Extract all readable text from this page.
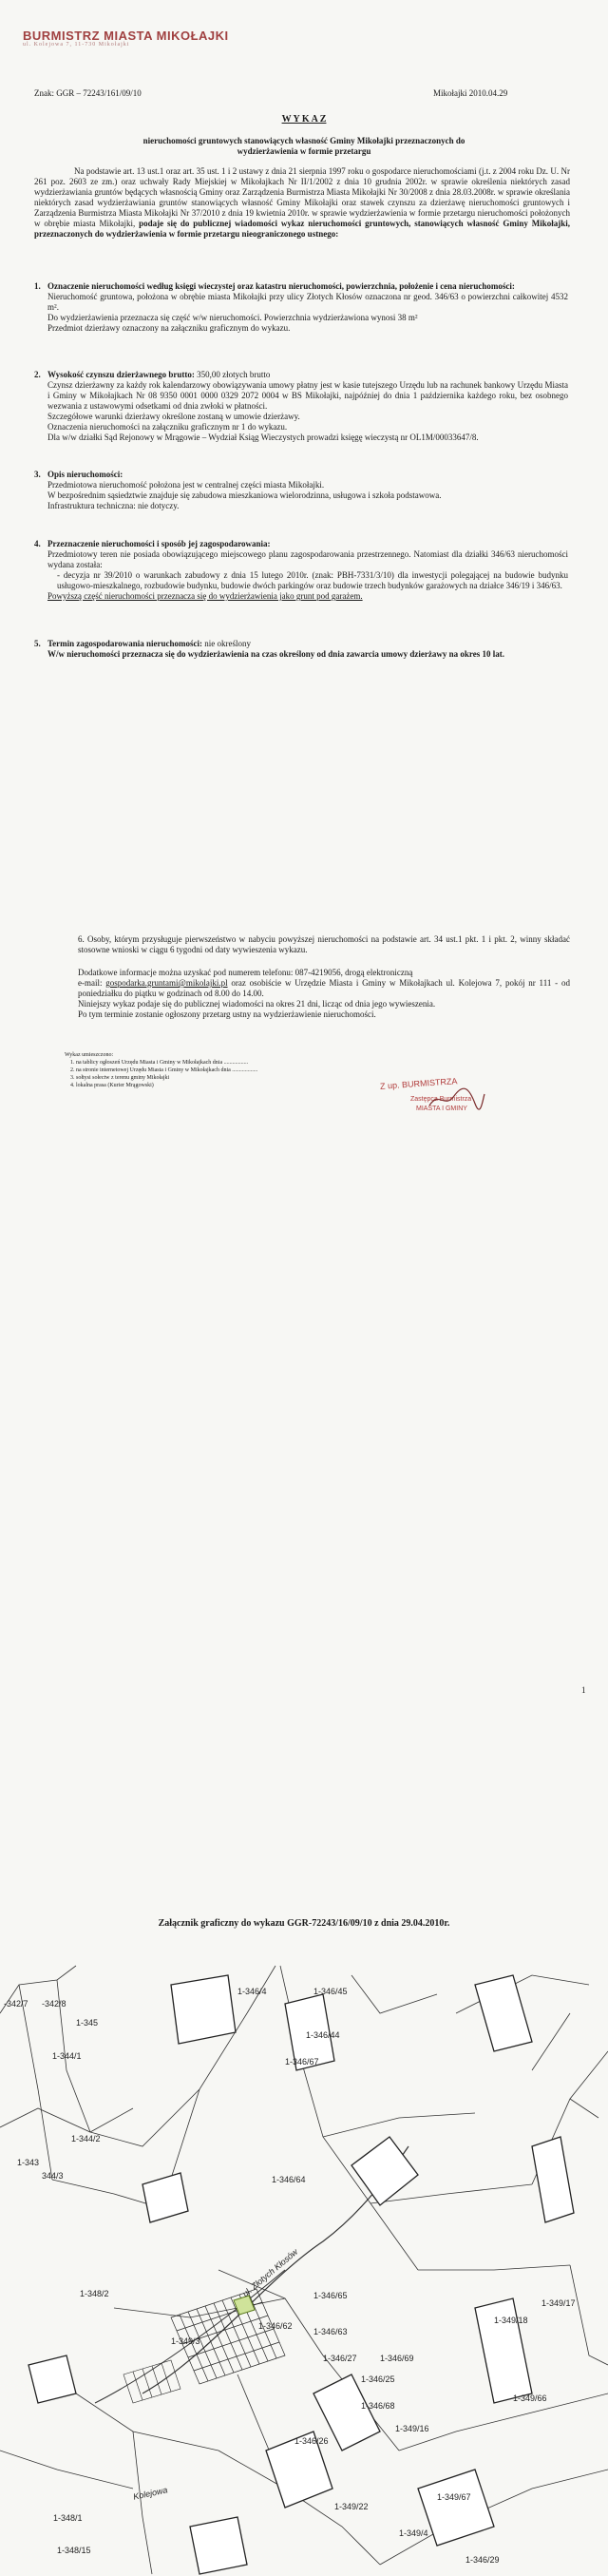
BURMISTRZ MIASTA MIKOŁAJKI
ul. Kolejowa 7, 11-730 Mikołajki
Znak: GGR – 72243/161/09/10	Mikołajki 2010.04.29
W Y K A Z
nieruchomości gruntowych stanowiących własność Gminy Mikołajki przeznaczonych do
wydzierżawienia w formie przetargu
Na podstawie art. 13 ust.1 oraz art. 35 ust. 1 i 2 ustawy z dnia 21 sierpnia 1997 roku o gospodarce nieruchomościami (j.t. z 2004 roku Dz. U. Nr 261 poz. 2603 ze zm.) oraz uchwały Rady Miejskiej w Mikołajkach Nr II/1/2002 z dnia 10 grudnia 2002r. w sprawie określenia niektórych zasad wydzierżawiania gruntów będących własnością Gminy oraz Zarządzenia Burmistrza Miasta Mikołajki Nr 30/2008 z dnia 28.03.2008r. w sprawie określania niektórych zasad wydzierżawiania gruntów stanowiących własność Gminy Mikołajki oraz stawek czynszu za dzierżawę nieruchomości gruntowych i Zarządzenia Burmistrza Miasta Mikołajki Nr 37/2010 z dnia 19 kwietnia 2010r. w sprawie wydzierżawienia w formie przetargu nieruchomości położonych w obrębie miasta Mikołajki, podaje się do publicznej wiadomości wykaz nieruchomości gruntowych, stanowiących własność Gminy Mikołajki, przeznaczonych do wydzierżawienia w formie przetargu nieograniczonego ustnego:
1. Oznaczenie nieruchomości według księgi wieczystej oraz katastru nieruchomości, powierzchnia, położenie i cena nieruchomości:
Nieruchomość gruntowa, położona w obrębie miasta Mikołajki przy ulicy Złotych Kłosów oznaczona nr geod. 346/63 o powierzchni całkowitej 4532 m².
Do wydzierżawienia przeznacza się część w/w nieruchomości. Powierzchnia wydzierżawiona wynosi 38 m²
Przedmiot dzierżawy oznaczony na załączniku graficznym do wykazu.
2. Wysokość czynszu dzierżawnego brutto: 350,00 złotych brutto
Czynsz dzierżawny za każdy rok kalendarzowy obowiązywania umowy płatny jest w kasie tutejszego Urzędu lub na rachunek bankowy Urzędu Miasta i Gminy w Mikołajkach Nr 08 9350 0001 0000 0329 2072 0004 w BS Mikołajki, najpóźniej do dnia 1 października każdego roku, bez osobnego wezwania z ustawowymi odsetkami od dnia zwłoki w płatności.
Szczegółowe warunki dzierżawy określone zostaną w umowie dzierżawy.
Oznaczenia nieruchomości na załączniku graficznym nr 1 do wykazu.
Dla w/w działki Sąd Rejonowy w Mrągowie – Wydział Ksiąg Wieczystych prowadzi księgę wieczystą nr OL1M/00033647/8.
3. Opis nieruchomości:
Przedmiotowa nieruchomość położona jest w centralnej części miasta Mikołajki.
W bezpośrednim sąsiedztwie znajduje się zabudowa mieszkaniowa wielorodzinna, usługowa i szkoła podstawowa.
Infrastruktura techniczna: nie dotyczy.
4. Przeznaczenie nieruchomości i sposób jej zagospodarowania:
Przedmiotowy teren nie posiada obowiązującego miejscowego planu zagospodarowania przestrzennego. Natomiast dla działki 346/63 nieruchomości wydana została:
- decyzja nr 39/2010 o warunkach zabudowy z dnia 15 lutego 2010r. (znak: PBH-7331/3/10) dla inwestycji polegającej na budowie budynku usługowo-mieszkalnego, rozbudowie budynku, budowie dwóch parkingów oraz budowie trzech budynków garażowych na działce 346/19 i 346/63.
Powyższą część nieruchomości przeznacza się do wydzierżawienia jako grunt pod garażem.
5. Termin zagospodarowania nieruchomości: nie określony
W/w nieruchomości przeznacza się do wydzierżawienia na czas określony od dnia zawarcia umowy dzierżawy na okres 10 lat.
6. Osoby, którym przysługuje pierwszeństwo w nabyciu powyższej nieruchomości na podstawie art. 34 ust.1 pkt. 1 i pkt. 2, winny składać stosowne wnioski w ciągu 6 tygodni od daty wywieszenia wykazu.
Dodatkowe informacje można uzyskać pod numerem telefonu: 087-4219056, drogą elektroniczną
e-mail: gospodarka.gruntami@mikolajki.pl oraz osobiście w Urzędzie Miasta i Gminy w Mikołajkach ul. Kolejowa 7, pokój nr 111 - od poniedziałku do piątku w godzinach od 8.00 do 14.00.
Niniejszy wykaz podaje się do publicznej wiadomości na okres 21 dni, licząc od dnia jego wywieszenia.
Po tym terminie zostanie ogłoszony przetarg ustny na wydzierżawienie nieruchomości.
Wykaz umieszczono:
1. na tablicy ogłoszeń Urzędu Miasta i Gminy w Mikołajkach dnia .................
2. na stronie internetowej Urzędu Miasta i Gminy w Mikołajkach dnia ..................
3. sołtysi sołectw z terenu gminy Mikołajki
4. lokalna prasa (Kurier Mrągowski)	Z up. BURMISTRZA
Zastępca Burmistrza
MIASTA I GMINY
1
Załącznik graficzny do wykazu GGR-72243/16/09/10 z dnia 29.04.2010r.
-342/7 -342/8
1-345
1-344/1
1-344/2
1-343
344/3
1-346/4	1-346/45
1-346/44
1-346/67
1-346/64
1-346/65
1-346/63
1-346/27	1-346/69
1-346/26
1-346/25
1-346/68
1-349/16
1-349/17
1-349/18
1-349/66
1-349/67
1-349/22
1-349/4
1-348/2
1-348/1
1-348/15
1-349/3
1-346/29
1-346/62
ul. Złotych Kłosów
Kolejowa
